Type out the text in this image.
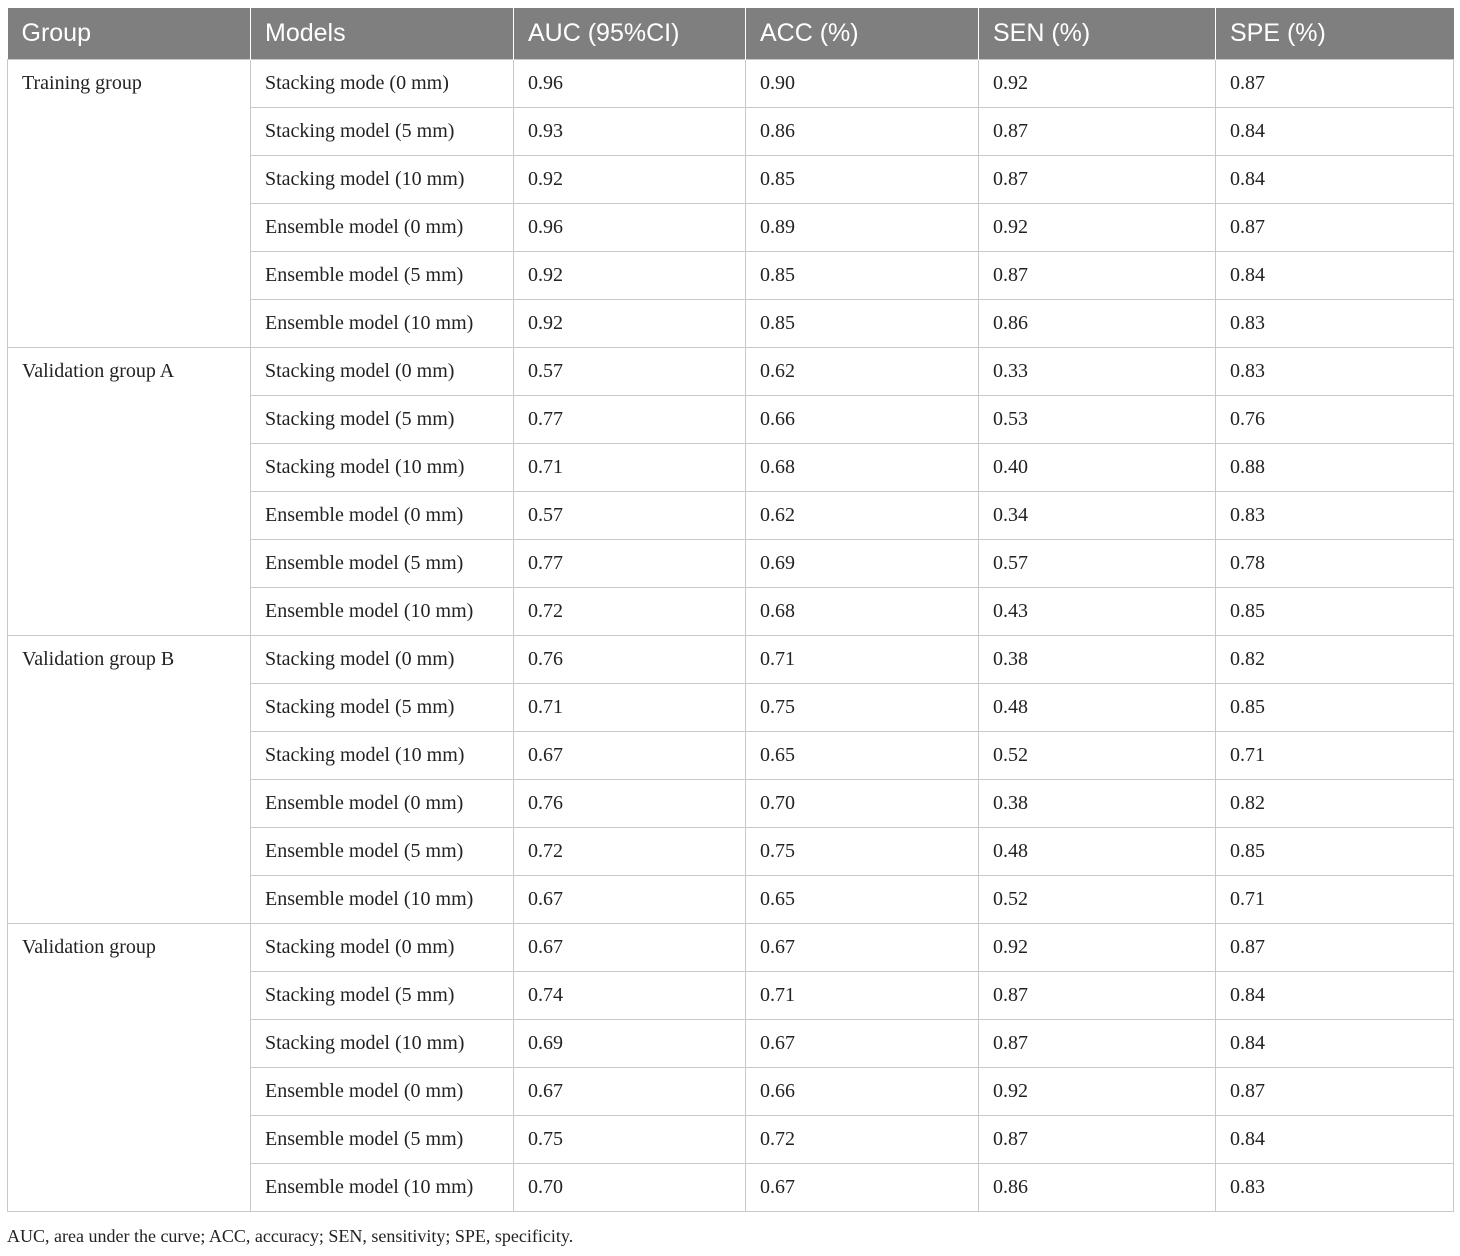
Group	Models	AUC (95%CI)	ACC (%)	SEN (%)	SPE (%)
Training group	Stacking mode (0 mm)	0.96	0.90	0.92	0.87
	Stacking model (5 mm)	0.93	0.86	0.87	0.84
	Stacking model (10 mm)	0.92	0.85	0.87	0.84
	Ensemble model (0 mm)	0.96	0.89	0.92	0.87
	Ensemble model (5 mm)	0.92	0.85	0.87	0.84
	Ensemble model (10 mm)	0.92	0.85	0.86	0.83
Validation group A	Stacking model (0 mm)	0.57	0.62	0.33	0.83
	Stacking model (5 mm)	0.77	0.66	0.53	0.76
	Stacking model (10 mm)	0.71	0.68	0.40	0.88
	Ensemble model (0 mm)	0.57	0.62	0.34	0.83
	Ensemble model (5 mm)	0.77	0.69	0.57	0.78
	Ensemble model (10 mm)	0.72	0.68	0.43	0.85
Validation group B	Stacking model (0 mm)	0.76	0.71	0.38	0.82
	Stacking model (5 mm)	0.71	0.75	0.48	0.85
	Stacking model (10 mm)	0.67	0.65	0.52	0.71
	Ensemble model (0 mm)	0.76	0.70	0.38	0.82
	Ensemble model (5 mm)	0.72	0.75	0.48	0.85
	Ensemble model (10 mm)	0.67	0.65	0.52	0.71
Validation group	Stacking model (0 mm)	0.67	0.67	0.92	0.87
	Stacking model (5 mm)	0.74	0.71	0.87	0.84
	Stacking model (10 mm)	0.69	0.67	0.87	0.84
	Ensemble model (0 mm)	0.67	0.66	0.92	0.87
	Ensemble model (5 mm)	0.75	0.72	0.87	0.84
	Ensemble model (10 mm)	0.70	0.67	0.86	0.83
AUC, area under the curve; ACC, accuracy; SEN, sensitivity; SPE, specificity.
